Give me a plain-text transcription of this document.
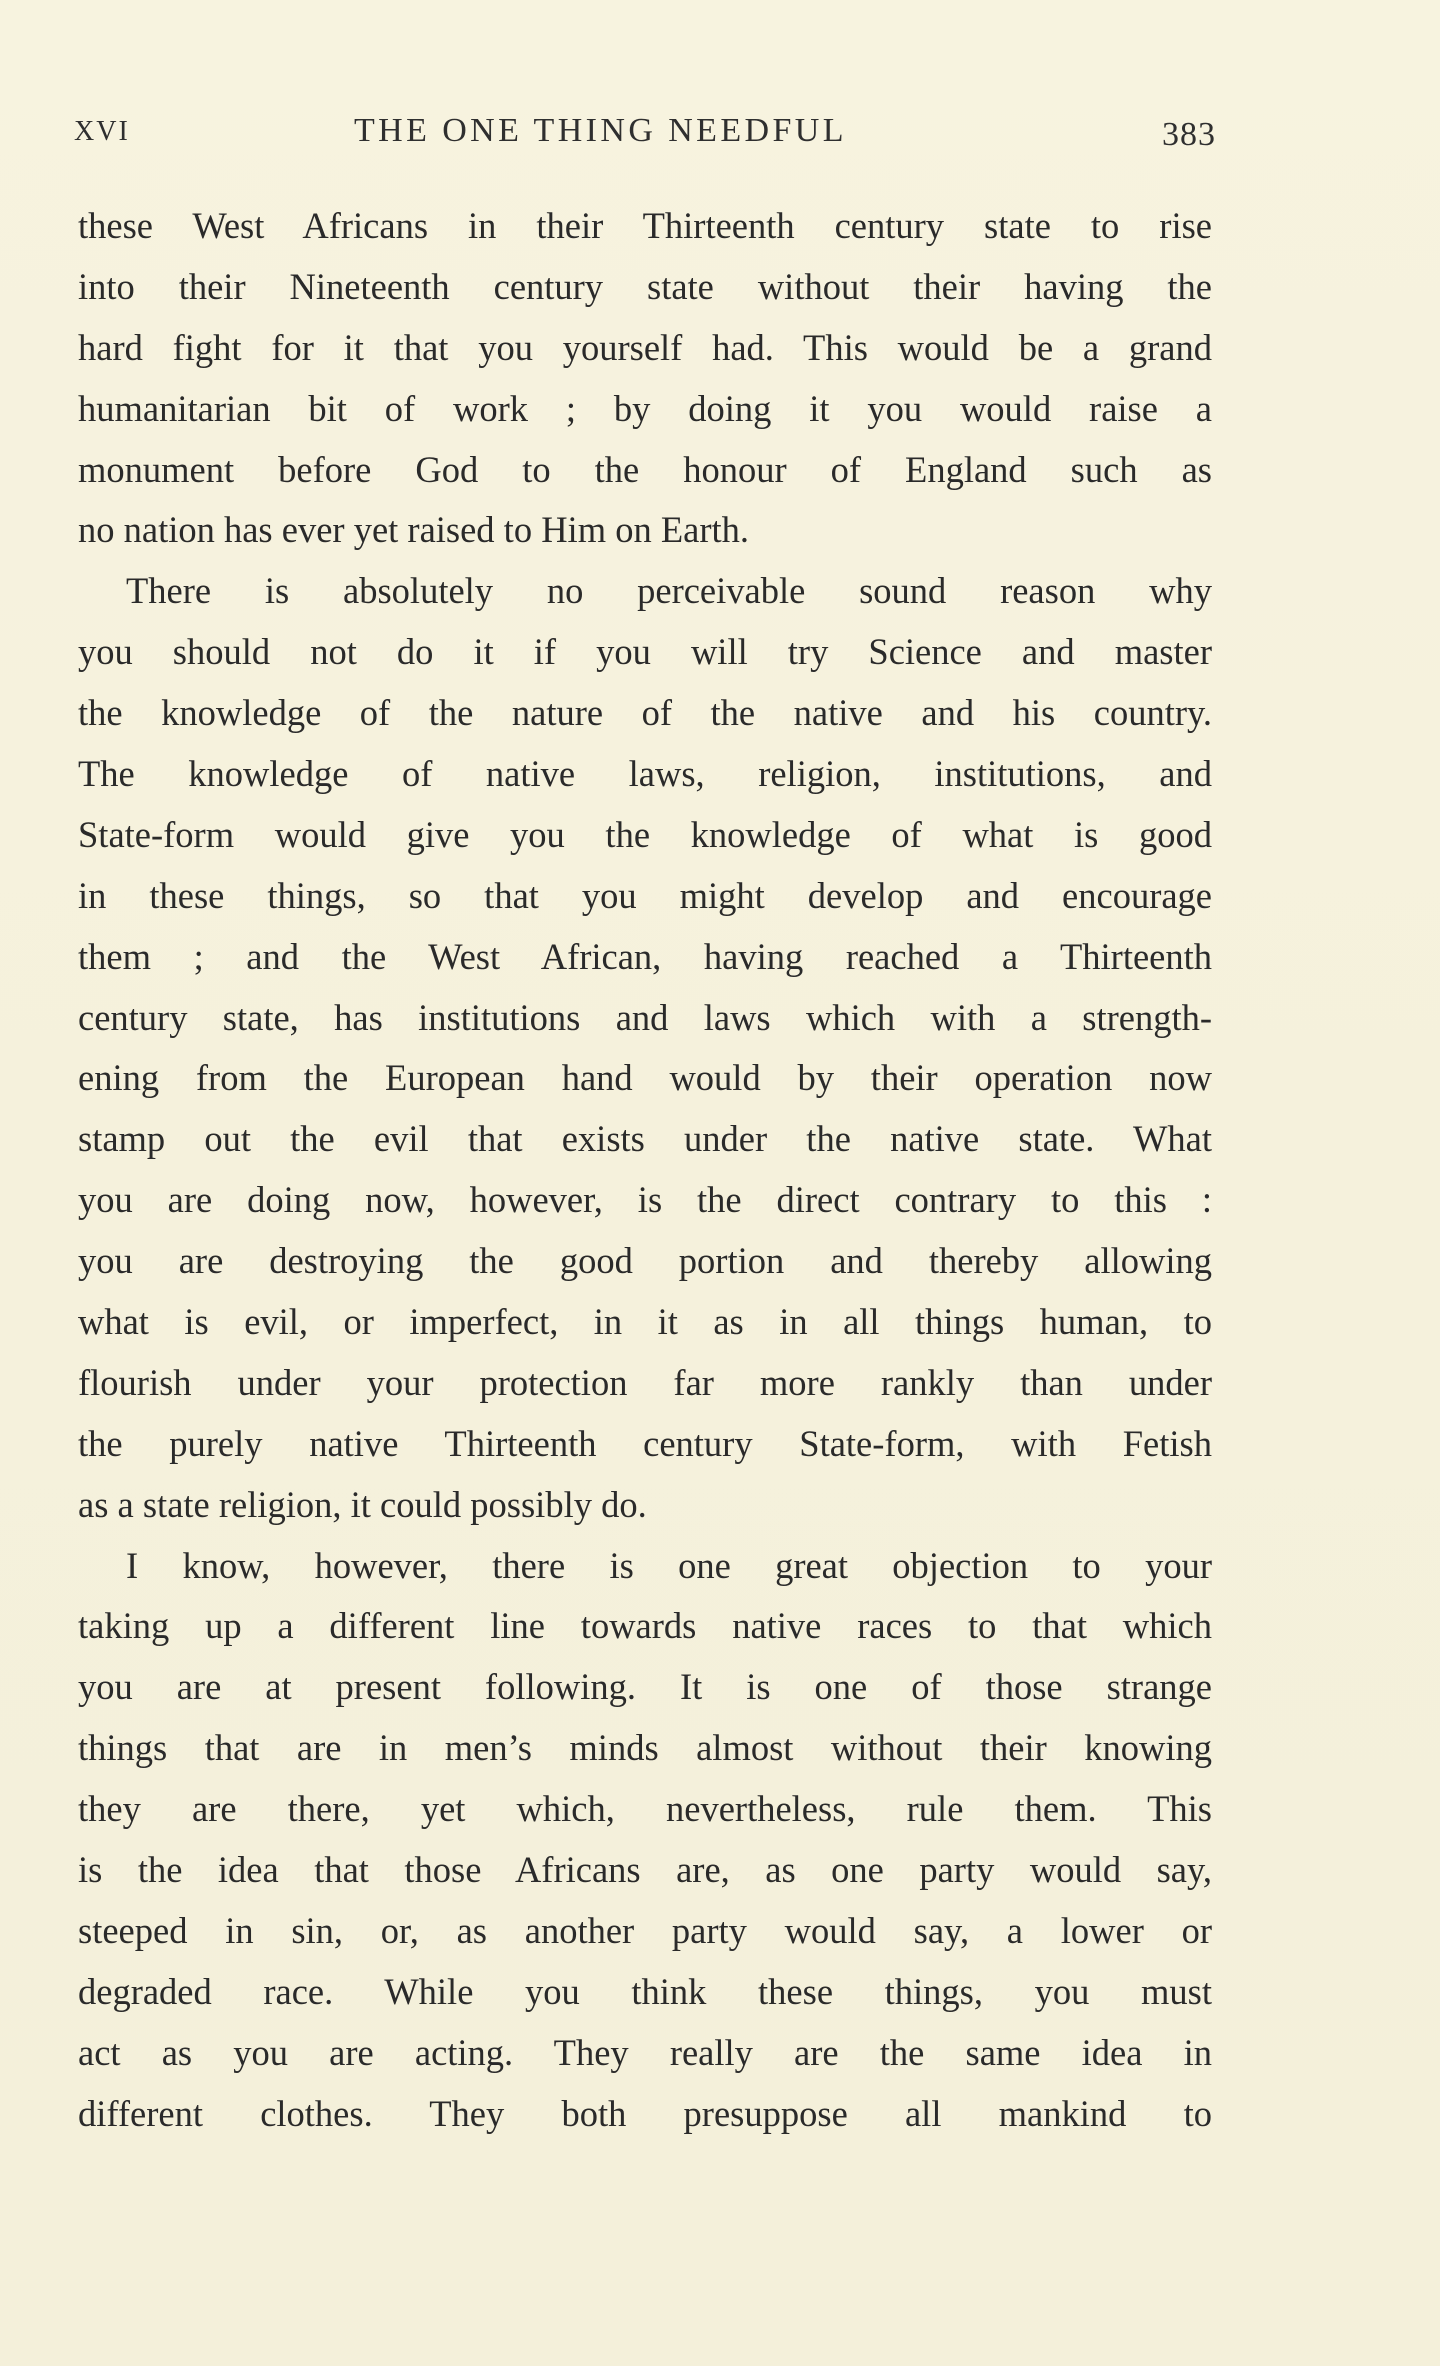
XVI	THE ONE THING NEEDFUL	383
these West Africans in their Thirteenth century state to rise
into their Nineteenth century state without their having the
hard fight for it that you yourself had. This would be a grand
humanitarian bit of work ; by doing it you would raise a
monument before God to the honour of England such as
no nation has ever yet raised to Him on Earth.
There is absolutely no perceivable sound reason why
you should not do it if you will try Science and master
the knowledge of the nature of the native and his country.
The knowledge of native laws, religion, institutions, and
State-form would give you the knowledge of what is good
in these things, so that you might develop and encourage
them ; and the West African, having reached a Thirteenth
century state, has institutions and laws which with a strength-
ening from the European hand would by their operation now
stamp out the evil that exists under the native state. What
you are doing now, however, is the direct contrary to this :
you are destroying the good portion and thereby allowing
what is evil, or imperfect, in it as in all things human, to
flourish under your protection far more rankly than under
the purely native Thirteenth century State-form, with Fetish
as a state religion, it could possibly do.
I know, however, there is one great objection to your
taking up a different line towards native races to that which
you are at present following. It is one of those strange
things that are in men’s minds almost without their knowing
they are there, yet which, nevertheless, rule them. This
is the idea that those Africans are, as one party would say,
steeped in sin, or, as another party would say, a lower or
degraded race. While you think these things, you must
act as you are acting. They really are the same idea in
different clothes. They both presuppose all mankind to
